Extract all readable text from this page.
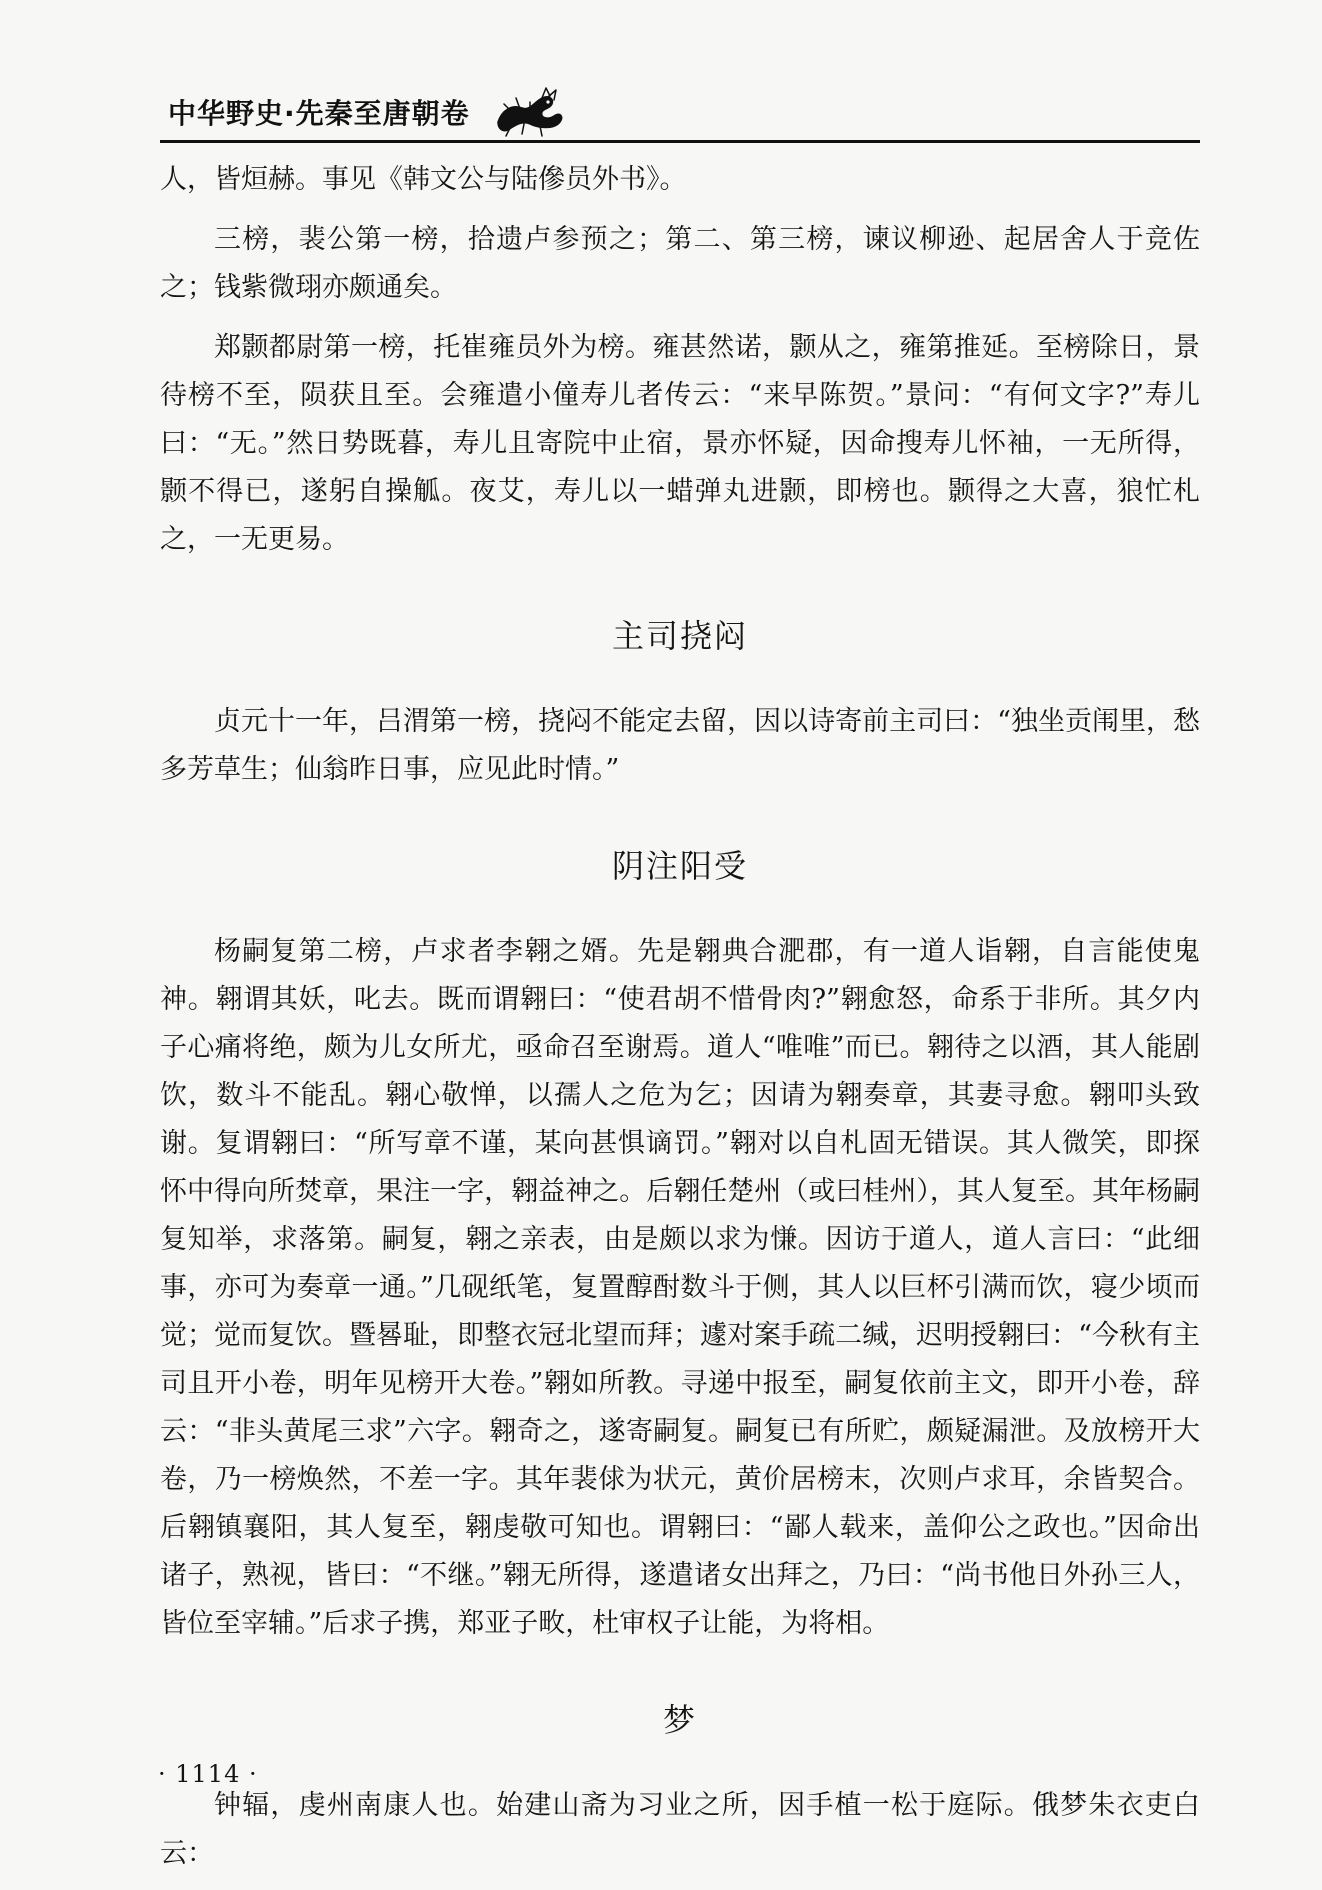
中华野史·先秦至唐朝卷

人，皆烜赫。事见《韩文公与陆傪员外书》。

三榜，裴公第一榜，拾遗卢参预之；第二、第三榜，谏议柳逊、起居舍人于竞佐之；钱紫微珝亦颇通矣。

郑颢都尉第一榜，托崔雍员外为榜。雍甚然诺，颢从之，雍第推延。至榜除日，景待榜不至，陨获且至。会雍遣小僮寿儿者传云：“来早陈贺。”景问：“有何文字?”寿儿曰：“无。”然日势既暮，寿儿且寄院中止宿，景亦怀疑，因命搜寿儿怀袖，一无所得，颢不得已，遂躬自操觚。夜艾，寿儿以一蜡弹丸进颢，即榜也。颢得之大喜，狼忙札之，一无更易。

主司挠闷

贞元十一年，吕渭第一榜，挠闷不能定去留，因以诗寄前主司曰：“独坐贡闱里，愁多芳草生；仙翁昨日事，应见此时情。”

阴注阳受

杨嗣复第二榜，卢求者李翱之婿。先是翱典合淝郡，有一道人诣翱，自言能使鬼神。翱谓其妖，叱去。既而谓翱曰：“使君胡不惜骨肉?”翱愈怒，命系于非所。其夕内子心痛将绝，颇为儿女所尤，亟命召至谢焉。道人“唯唯”而已。翱待之以酒，其人能剧饮，数斗不能乱。翱心敬惮，以孺人之危为乞；因请为翱奏章，其妻寻愈。翱叩头致谢。复谓翱曰：“所写章不谨，某向甚惧谪罚。”翱对以自札固无错误。其人微笑，即探怀中得向所焚章，果注一字，翱益神之。后翱任楚州（或曰桂州），其人复至。其年杨嗣复知举，求落第。嗣复，翱之亲表，由是颇以求为慊。因访于道人，道人言曰：“此细事，亦可为奏章一通。”几砚纸笔，复置醇酎数斗于侧，其人以巨杯引满而饮，寝少顷而觉；觉而复饮。暨晷耻，即整衣冠北望而拜；遽对案手疏二缄，迟明授翱曰：“今秋有主司且开小卷，明年见榜开大卷。”翱如所教。寻递中报至，嗣复依前主文，即开小卷，辞云：“非头黄尾三求”六字。翱奇之，遂寄嗣复。嗣复已有所贮，颇疑漏泄。及放榜开大卷，乃一榜焕然，不差一字。其年裴俅为状元，黄价居榜末，次则卢求耳，余皆契合。后翱镇襄阳，其人复至，翱虔敬可知也。谓翱曰：“鄙人载来，盖仰公之政也。”因命出诸子，熟视，皆曰：“不继。”翱无所得，遂遣诸女出拜之，乃曰：“尚书他日外孙三人，皆位至宰辅。”后求子携，郑亚子畋，杜审权子让能，为将相。

梦

钟辐，虔州南康人也。始建山斋为习业之所，因手植一松于庭际。俄梦朱衣吏白云：

· 1114 ·
